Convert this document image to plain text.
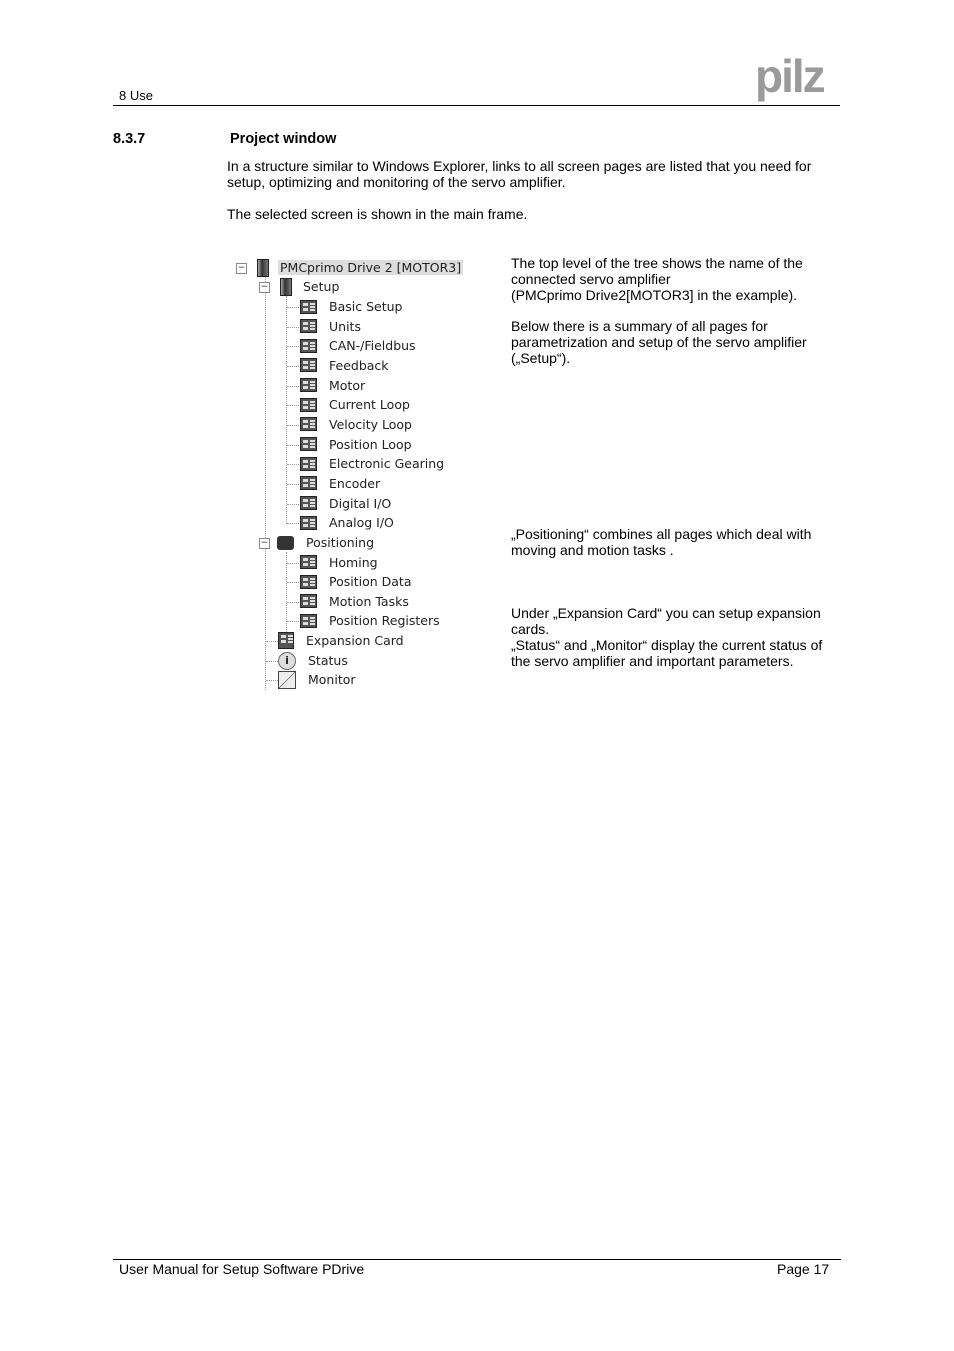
8 Use	pilz
8.3.7	Project window
In a structure similar to Windows Explorer, links to all screen pages are listed that you need for setup, optimizing and monitoring of the servo amplifier.
The selected screen is shown in the main frame.
−	PMCprimo Drive 2 [MOTOR3]
−	Setup
Basic Setup
Units
CAN-/Fieldbus
Feedback
Motor
Current Loop
Velocity Loop
Position Loop
Electronic Gearing
Encoder
Digital I/O
Analog I/O
−	Positioning
Homing
Position Data
Motion Tasks
Position Registers
Expansion Card
i	Status
Monitor
The top level of the tree shows the name of the connected servo amplifier
(PMCprimo Drive2[MOTOR3] in the example).
Below there is a summary of all pages for parametrization and setup of the servo amplifier („Setup“).
„Positioning“ combines all pages which deal with moving and motion tasks .
Under „Expansion Card“ you can setup expansion cards.
„Status“ and „Monitor“ display the current status of the servo amplifier and important parameters.
User Manual for Setup Software PDrive	Page 17
